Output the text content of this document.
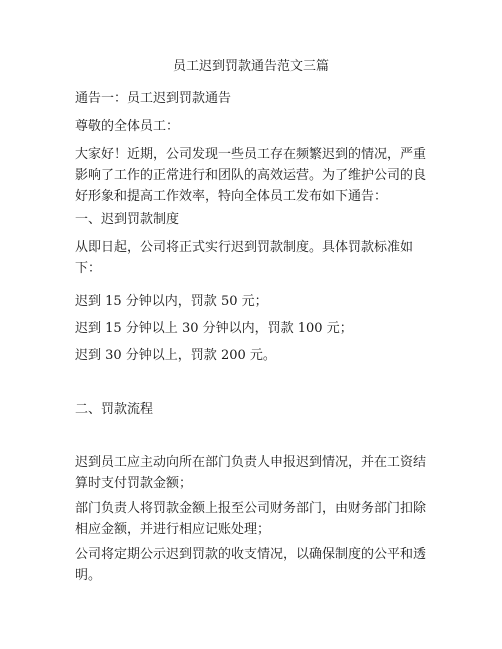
员工迟到罚款通告范文三篇

通告一：员工迟到罚款通告

尊敬的全体员工：

大家好！近期，公司发现一些员工存在频繁迟到的情况，严重影响了工作的正常进行和团队的高效运营。为了维护公司的良好形象和提高工作效率，特向全体员工发布如下通告：

一、迟到罚款制度

从即日起，公司将正式实行迟到罚款制度。具体罚款标准如下：

迟到 15 分钟以内，罚款 50 元；

迟到 15 分钟以上 30 分钟以内，罚款 100 元；

迟到 30 分钟以上，罚款 200 元。

二、罚款流程

迟到员工应主动向所在部门负责人申报迟到情况，并在工资结算时支付罚款金额；

部门负责人将罚款金额上报至公司财务部门，由财务部门扣除相应金额，并进行相应记账处理；

公司将定期公示迟到罚款的收支情况，以确保制度的公平和透明。
